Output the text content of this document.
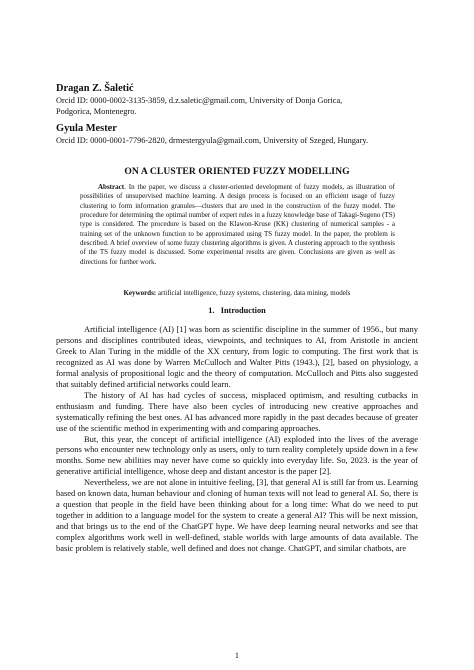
Dragan Z. Šaletić

Orcid ID: 0000-0002-3135-3859, d.z.saletic@gmail.com, University of Donja Gorica,

Podgorica, Montenegro.

Gyula Mester

Orcid ID: 0000-0001-7796-2820, drmestergyula@gmail.com, University of Szeged, Hungary.

ON A CLUSTER ORIENTED FUZZY MODELLING

Abstract. In the paper, we discuss a cluster-oriented development of fuzzy models, as illustration of possibilities of unsupervised machine learning. A design process is focused on an efficient usage of fuzzy clustering to form information granules—clusters that are used in the construction of the fuzzy model. The procedure for determining the optimal number of expert rules in a fuzzy knowledge base of Takagi-Sugeno (TS) type is considered. The procedure is based on the Klawon-Kruse (KK) clustering of numerical samples - a training set of the unknown function to be approximated using TS fuzzy model. In the paper, the problem is described. A brief overview of some fuzzy clustering algorithms is given. A clustering approach to the synthesis of the TS fuzzy model is discussed. Some experimental results are given. Conclusions are given as well as directions for further work.

Keywords: artificial intelligence, fuzzy systems, clustering, data mining, models

1. Introduction

Artificial intelligence (AI) [1] was born as scientific discipline in the summer of 1956., but many persons and disciplines contributed ideas, viewpoints, and techniques to AI, from Aristotle in ancient Greek to Alan Turing in the middle of the XX century, from logic to computing. The first work that is recognized as AI was done by Warren McCulloch and Walter Pitts (1943.), [2], based on physiology, a formal analysis of propositional logic and the theory of computation. McCulloch and Pitts also suggested that suitably defined artificial networks could learn.

The history of AI has had cycles of success, misplaced optimism, and resulting cutbacks in enthusiasm and funding. There have also been cycles of introducing new creative approaches and systematically refining the best ones. AI has advanced more rapidly in the past decades because of greater use of the scientific method in experimenting with and comparing approaches.

But, this year, the concept of artificial intelligence (AI) exploded into the lives of the average persons who encounter new technology only as users, only to turn reality completely upside down in a few months. Some new abilities may never have come so quickly into everyday life. So, 2023. is the year of generative artificial intelligence, whose deep and distant ancestor is the paper [2].

Nevertheless, we are not alone in intuitive feeling, [3], that general AI is still far from us. Learning based on known data, human behaviour and cloning of human texts will not lead to general AI. So, there is a question that people in the field have been thinking about for a long time: What do we need to put together in addition to a language model for the system to create a general AI? This will be next mission, and that brings us to the end of the ChatGPT hype. We have deep learning neural networks and see that complex algorithms work well in well-defined, stable worlds with large amounts of data available. The basic problem is relatively stable, well defined and does not change. ChatGPT, and similar chatbots, are

1
